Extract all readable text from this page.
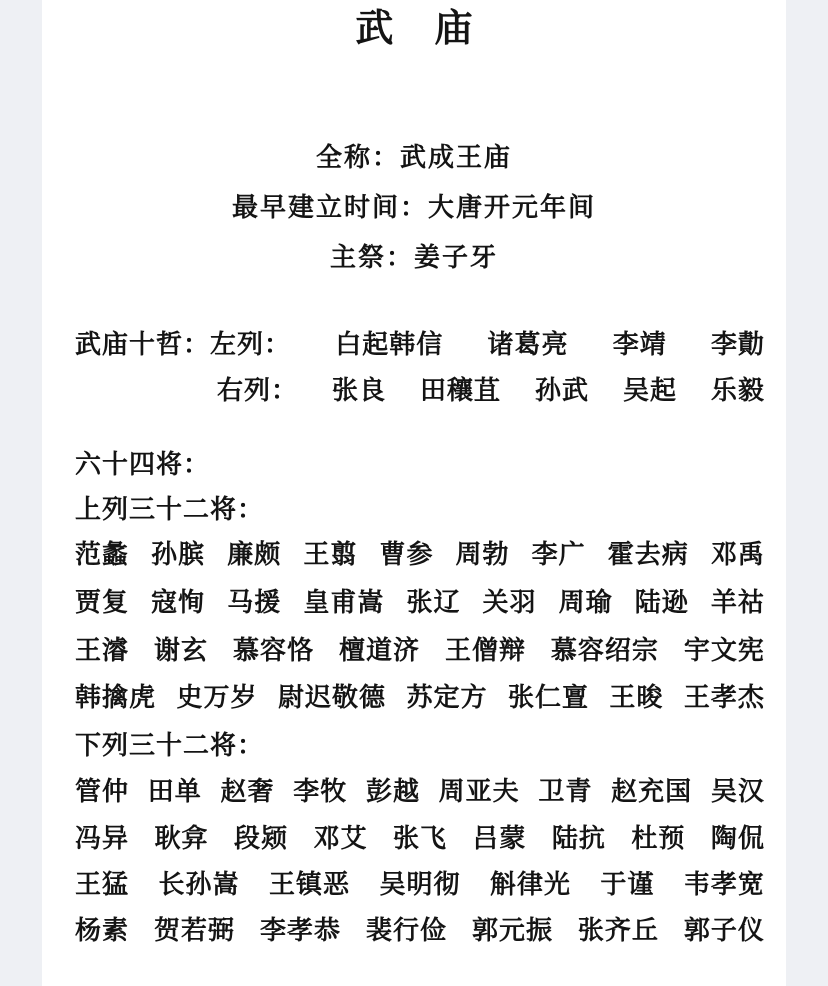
武 庙
全称：武成王庙
最早建立时间：大唐开元年间
主祭：姜子牙
武庙十哲：左列： 白起韩信 诸葛亮 李靖 李勣
右列： 张良 田穰苴 孙武 吴起 乐毅
六十四将：
上列三十二将：
范蠡 孙膑 廉颇 王翦 曹参 周勃 李广 霍去病 邓禹
贾复 寇恂 马援 皇甫嵩 张辽 关羽 周瑜 陆逊 羊祜
王濬 谢玄 慕容恪 檀道济 王僧辩 慕容绍宗 宇文宪
韩擒虎 史万岁 尉迟敬德 苏定方 张仁亶 王晙 王孝杰
下列三十二将：
管仲 田单 赵奢 李牧 彭越 周亚夫 卫青 赵充国 吴汉
冯异 耿弇 段颎 邓艾 张飞 吕蒙 陆抗 杜预 陶侃
王猛 长孙嵩 王镇恶 吴明彻 斛律光 于谨 韦孝宽
杨素 贺若弼 李孝恭 裴行俭 郭元振 张齐丘 郭子仪
